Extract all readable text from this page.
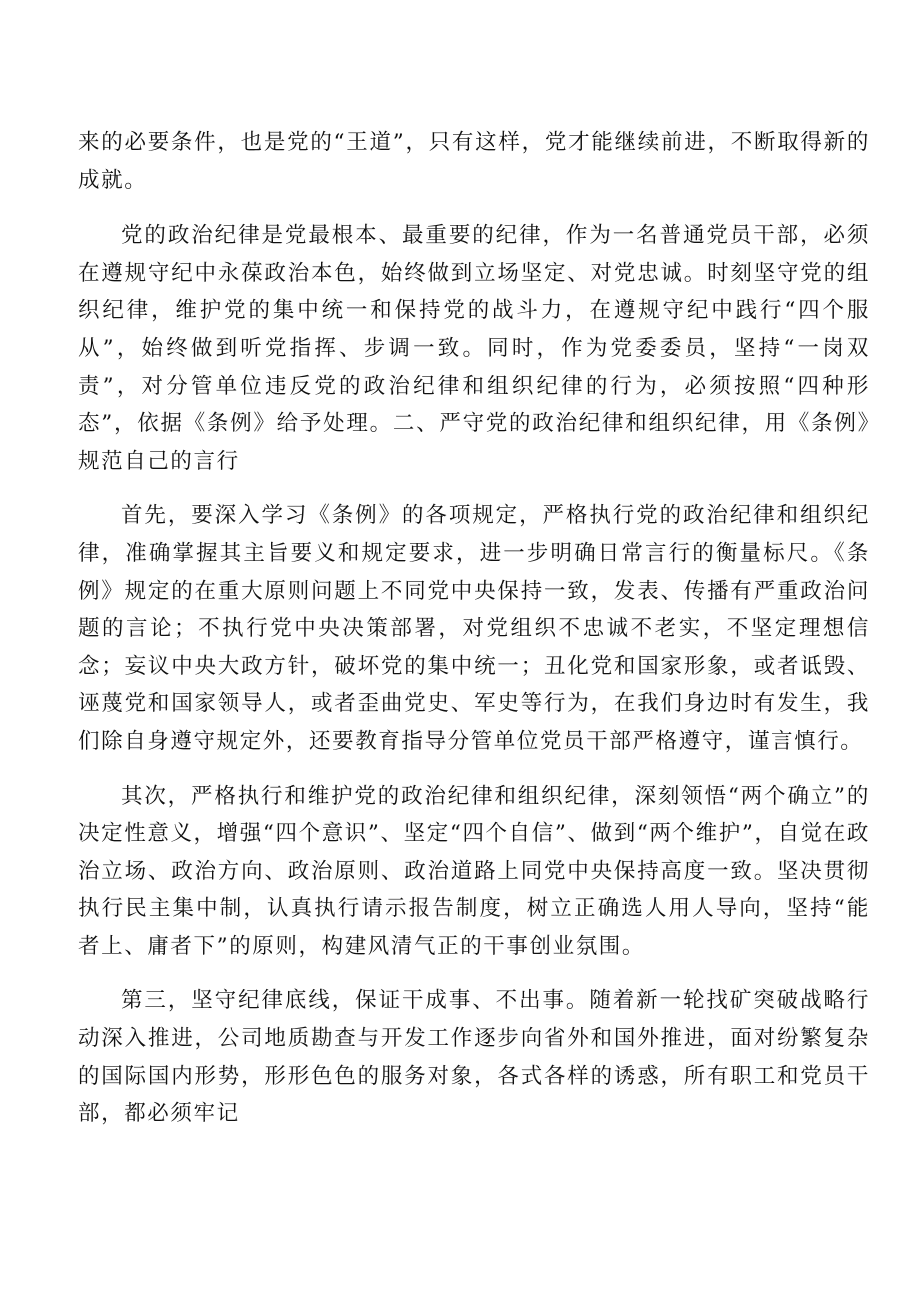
来的必要条件，也是党的“王道”，只有这样，党才能继续前进，不断取得新的成就。

党的政治纪律是党最根本、最重要的纪律，作为一名普通党员干部，必须在遵规守纪中永葆政治本色，始终做到立场坚定、对党忠诚。时刻坚守党的组织纪律，维护党的集中统一和保持党的战斗力，在遵规守纪中践行“四个服从”，始终做到听党指挥、步调一致。同时，作为党委委员，坚持“一岗双责”，对分管单位违反党的政治纪律和组织纪律的行为，必须按照“四种形态”，依据《条例》给予处理。二、严守党的政治纪律和组织纪律，用《条例》规范自己的言行

首先，要深入学习《条例》的各项规定，严格执行党的政治纪律和组织纪律，准确掌握其主旨要义和规定要求，进一步明确日常言行的衡量标尺。《条例》规定的在重大原则问题上不同党中央保持一致，发表、传播有严重政治问题的言论；不执行党中央决策部署，对党组织不忠诚不老实，不坚定理想信念；妄议中央大政方针，破坏党的集中统一；丑化党和国家形象，或者诋毁、诬蔑党和国家领导人，或者歪曲党史、军史等行为，在我们身边时有发生，我们除自身遵守规定外，还要教育指导分管单位党员干部严格遵守，谨言慎行。

其次，严格执行和维护党的政治纪律和组织纪律，深刻领悟“两个确立”的决定性意义，增强“四个意识”、坚定“四个自信”、做到“两个维护”，自觉在政治立场、政治方向、政治原则、政治道路上同党中央保持高度一致。坚决贯彻执行民主集中制，认真执行请示报告制度，树立正确选人用人导向，坚持“能者上、庸者下”的原则，构建风清气正的干事创业氛围。

第三，坚守纪律底线，保证干成事、不出事。随着新一轮找矿突破战略行动深入推进，公司地质勘查与开发工作逐步向省外和国外推进，面对纷繁复杂的国际国内形势，形形色色的服务对象，各式各样的诱惑，所有职工和党员干部，都必须牢记
